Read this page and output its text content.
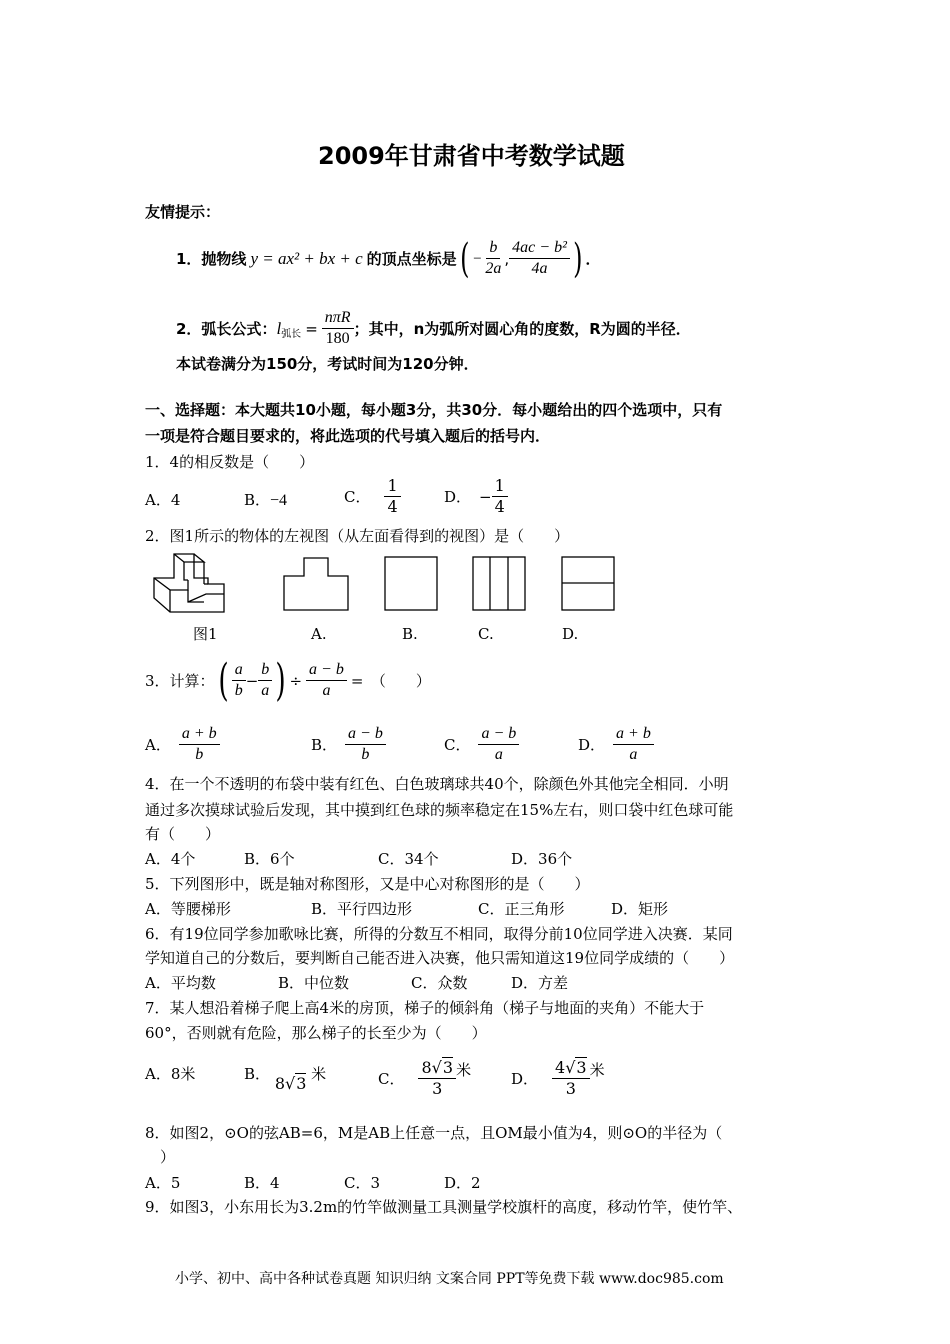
2009年甘肃省中考数学试题
友情提示：
1．抛物线 y = ax² + bx + c 的顶点坐标是 ( − $\frac{b}{2a}$ , $\frac{\text{4ac − b²}}{4a}$ ) ．
2．弧长公式： l 弧长 = $\frac{\text{nπR}}{180}$ ；其中，n为弧所对圆心角的度数，R为圆的半径．
本试卷满分为150分，考试时间为120分钟．
一、选择题：本大题共10小题，每小题3分，共30分．每小题给出的四个选项中，只有
一项是符合题目要求的，将此选项的代号填入题后的括号内．
1．4的相反数是（　　）
A．4	B．−4	C． $\frac{1}{4}$	D． − $\frac{1}{4}$
2．图1所示的物体的左视图（从左面看得到的视图）是（　　）
图1	A.	B.	C.	D.
3．计算： ( $\frac{a}{b} - \frac{b}{a}$ ) ÷ $\frac{a - b}{a}$ =　（　　）
A． $\frac{a + b}{b}$	B． $\frac{a - b}{b}$	C． $\frac{a - b}{a}$	D． $\frac{a + b}{a}$
4．在一个不透明的布袋中装有红色、白色玻璃球共40个，除颜色外其他完全相同．小明
通过多次摸球试验后发现，其中摸到红色球的频率稳定在15%左右，则口袋中红色球可能
有（　　）
A．4个	B．6个	C．34个	D．36个
5．下列图形中，既是轴对称图形，又是中心对称图形的是（　　）
A．等腰梯形	B．平行四边形	C．正三角形	D．矩形
6．有19位同学参加歌咏比赛，所得的分数互不相同，取得分前10位同学进入决赛．某同
学知道自己的分数后，要判断自己能否进入决赛，他只需知道这19位同学成绩的（　　）
A．平均数	B．中位数	C．众数	D．方差
7．某人想沿着梯子爬上高4米的房顶，梯子的倾斜角（梯子与地面的夹角）不能大于
60°，否则就有危险，那么梯子的长至少为（　　）
A．8米	B． 8√3 米	C． $\frac{8√3}{3}$ 米	D． $\frac{4√3}{3}$ 米
8．如图2，⊙O的弦AB=6，M是AB上任意一点，且OM最小值为4，则⊙O的半径为（
）
A．5	B．4	C．3	D．2
9．如图3，小东用长为3.2m的竹竿做测量工具测量学校旗杆的高度，移动竹竿，使竹竿、
小学、初中、高中各种试卷真题 知识归纳 文案合同 PPT等免费下载 www.doc985.com
